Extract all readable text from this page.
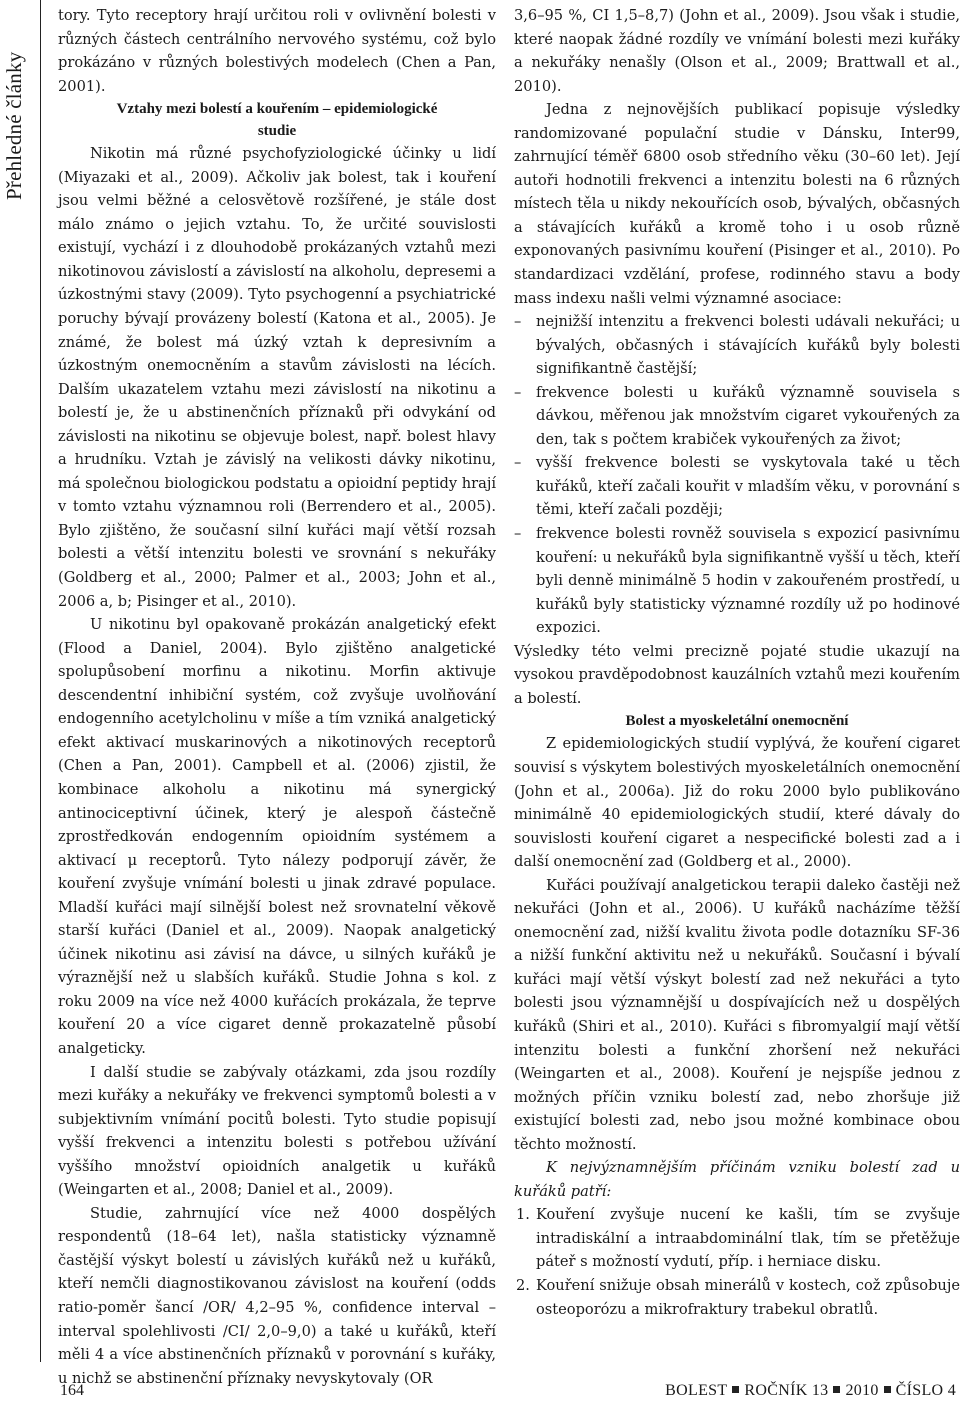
Přehledné články

tory. Tyto receptory hrají určitou roli v ovlivnění bolesti v různých částech centrálního nervového systému, což bylo prokázáno v různých bolestivých modelech (Chen a Pan, 2001).

Vztahy mezi bolestí a kouřením – epidemiologické studie

Nikotin má různé psychofyziologické účinky u lidí (Miyazaki et al., 2009). Ačkoliv jak bolest, tak i kouření jsou velmi běžné a celosvětově rozšířené, je stále dost málo známo o jejich vztahu. To, že určité souvislosti existují, vychází i z dlouhodobě prokázaných vztahů mezi nikotinovou závislostí a závislostí na alkoholu, depresemi a úzkostnými stavy (2009). Tyto psychogenní a psychiatrické poruchy bývají provázeny bolestí (Katona et al., 2005). Je známé, že bolest má úzký vztah k depresivním a úzkostným onemocněním a stavům závislosti na lécích. Dalším ukazatelem vztahu mezi závislostí na nikotinu a bolestí je, že u abstinenčních příznaků při odvykání od závislosti na nikotinu se objevuje bolest, např. bolest hlavy a hrudníku. Vztah je závislý na velikosti dávky nikotinu, má společnou biologickou podstatu a opioidní peptidy hrají v tomto vztahu významnou roli (Berrendero et al., 2005). Bylo zjištěno, že současní silní kuřáci mají větší rozsah bolesti a větší intenzitu bolesti ve srovnání s nekuřáky (Goldberg et al., 2000; Palmer et al., 2003; John et al., 2006 a, b; Pisinger et al., 2010).

U nikotinu byl opakovaně prokázán analgetický efekt (Flood a Daniel, 2004). Bylo zjištěno analgetické spolupůsobení morfinu a nikotinu. Morfin aktivuje descendentní inhibiční systém, což zvyšuje uvolňování endogenního acetylcholinu v míše a tím vzniká analgetický efekt aktivací muskarinových a nikotinových receptorů (Chen a Pan, 2001). Campbell et al. (2006) zjistil, že kombinace alkoholu a nikotinu má synergický antinociceptivní účinek, který je alespoň částečně zprostředkován endogenním opioidním systémem a aktivací μ receptorů. Tyto nálezy podporují závěr, že kouření zvyšuje vnímání bolesti u jinak zdravé populace. Mladší kuřáci mají silnější bolest než srovnatelní věkově starší kuřáci (Daniel et al., 2009). Naopak analgetický účinek nikotinu asi závisí na dávce, u silných kuřáků je výraznější než u slabších kuřáků. Studie Johna s kol. z roku 2009 na více než 4000 kuřácích prokázala, že teprve kouření 20 a více cigaret denně prokazatelně působí analgeticky.

I další studie se zabývaly otázkami, zda jsou rozdíly mezi kuřáky a nekuřáky ve frekvenci symptomů bolesti a v subjektivním vnímání pocitů bolesti. Tyto studie popisují vyšší frekvenci a intenzitu bolesti s potřebou užívání vyššího množství opioidních analgetik u kuřáků (Weingarten et al., 2008; Daniel et al., 2009).

Studie, zahrnující více než 4000 dospělých respondentů (18–64 let), našla statisticky významně častější výskyt bolestí u závislých kuřáků než u kuřáků, kteří nemčli diagnostikovanou závislost na kouření (odds ratio-poměr šancí /OR/ 4,2–95 %, confidence interval – interval spolehlivosti /CI/ 2,0–9,0) a také u kuřáků, kteří měli 4 a více abstinenčních příznaků v porovnání s kuřáky, u nichž se abstinenční příznaky nevyskytovaly (OR

3,6–95 %, CI 1,5–8,7) (John et al., 2009). Jsou však i studie, které naopak žádné rozdíly ve vnímání bolesti mezi kuřáky a nekuřáky nenašly (Olson et al., 2009; Brattwall et al., 2010).

Jedna z nejnovějších publikací popisuje výsledky randomizované populační studie v Dánsku, Inter99, zahrnující téměř 6800 osob středního věku (30–60 let). Její autoři hodnotili frekvenci a intenzitu bolesti na 6 různých místech těla u nikdy nekouřících osob, bývalých, občasných a stávajících kuřáků a kromě toho i u osob různě exponovaných pasivnímu kouření (Pisinger et al., 2010). Po standardizaci vzdělání, profese, rodinného stavu a body mass indexu našli velmi významné asociace:

– nejnižší intenzitu a frekvenci bolesti udávali nekuřáci; u bývalých, občasných i stávajících kuřáků byly bolesti signifikantně častější;
– frekvence bolesti u kuřáků významně souvisela s dávkou, měřenou jak množstvím cigaret vykouřených za den, tak s počtem krabiček vykouřených za život;
– vyšší frekvence bolesti se vyskytovala také u těch kuřáků, kteří začali kouřit v mladším věku, v porovnání s těmi, kteří začali později;
– frekvence bolesti rovněž souvisela s expozicí pasivnímu kouření: u nekuřáků byla signifikantně vyšší u těch, kteří byli denně minimálně 5 hodin v zakouřeném prostředí, u kuřáků byly statisticky významné rozdíly už po hodinové expozici.

Výsledky této velmi precizně pojaté studie ukazují na vysokou pravděpodobnost kauzálních vztahů mezi kouřením a bolestí.

Bolest a myoskeletální onemocnění

Z epidemiologických studií vyplývá, že kouření cigaret souvisí s výskytem bolestivých myoskeletálních onemocnění (John et al., 2006a). Již do roku 2000 bylo publikováno minimálně 40 epidemiologických studií, které dávaly do souvislosti kouření cigaret a nespecifické bolesti zad a i další onemocnění zad (Goldberg et al., 2000).

Kuřáci používají analgetickou terapii daleko častěji než nekuřáci (John et al., 2006). U kuřáků nacházíme těžší onemocnění zad, nižší kvalitu života podle dotazníku SF-36 a nižší funkční aktivitu než u nekuřáků. Současní i bývalí kuřáci mají větší výskyt bolestí zad než nekuřáci a tyto bolesti jsou významnější u dospívajících než u dospělých kuřáků (Shiri et al., 2010). Kuřáci s fibromyalgií mají větší intenzitu bolesti a funkční zhoršení než nekuřáci (Weingarten et al., 2008). Kouření je nejspíše jednou z možných příčin vzniku bolestí zad, nebo zhoršuje již existující bolesti zad, nebo jsou možné kombinace obou těchto možností.

K nejvýznamnějším příčinám vzniku bolestí zad u kuřáků patří:

1. Kouření zvyšuje nucení ke kašli, tím se zvyšuje intradiskální a intraabdominální tlak, tím se přetěžuje páteř s možností vydutí, příp. i herniace disku.
2. Kouření snižuje obsah minerálů v kostech, což způsobuje osteoporózu a mikrofraktury trabekul obratlů.
164	BOLEST ROČNÍK 13 2010 ČÍSLO 4
